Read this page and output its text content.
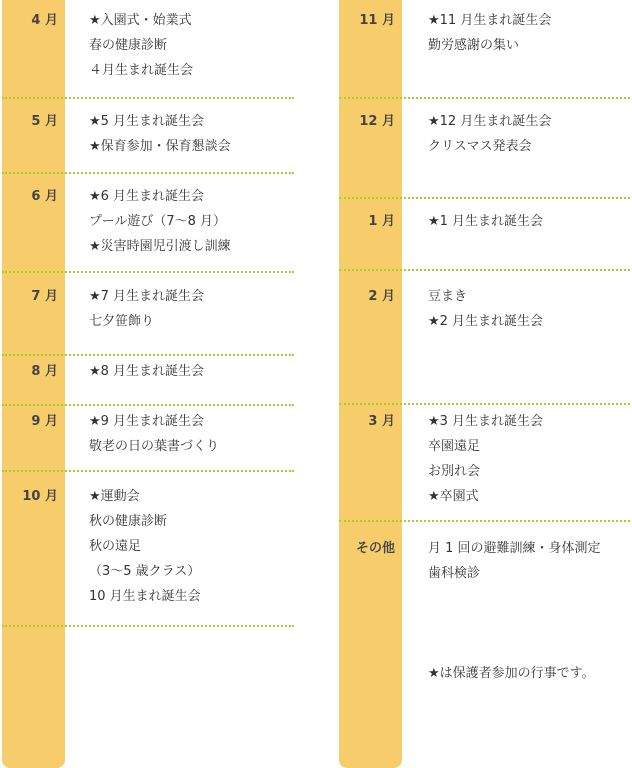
4 月 ★入園式・始業式
春の健康診断
４月生まれ誕生会
5 月 ★5 月生まれ誕生会
★保育参加・保育懇談会
6 月 ★6 月生まれ誕生会
プール遊び（7〜8 月）
★災害時園児引渡し訓練
7 月 ★7 月生まれ誕生会
七夕笹飾り
8 月 ★8 月生まれ誕生会
9 月 ★9 月生まれ誕生会
敬老の日の葉書づくり
10 月 ★運動会
秋の健康診断
秋の遠足
（3〜5 歳クラス）
10 月生まれ誕生会
11 月	★11 月生まれ誕生会
勤労感謝の集い
12 月	★12 月生まれ誕生会
クリスマス発表会
1 月	★1 月生まれ誕生会
2 月	豆まき
★2 月生まれ誕生会
3 月	★3 月生まれ誕生会
卒園遠足
お別れ会
★卒園式
その他	月 1 回の避難訓練・身体測定
歯科検診
★は保護者参加の行事です。
